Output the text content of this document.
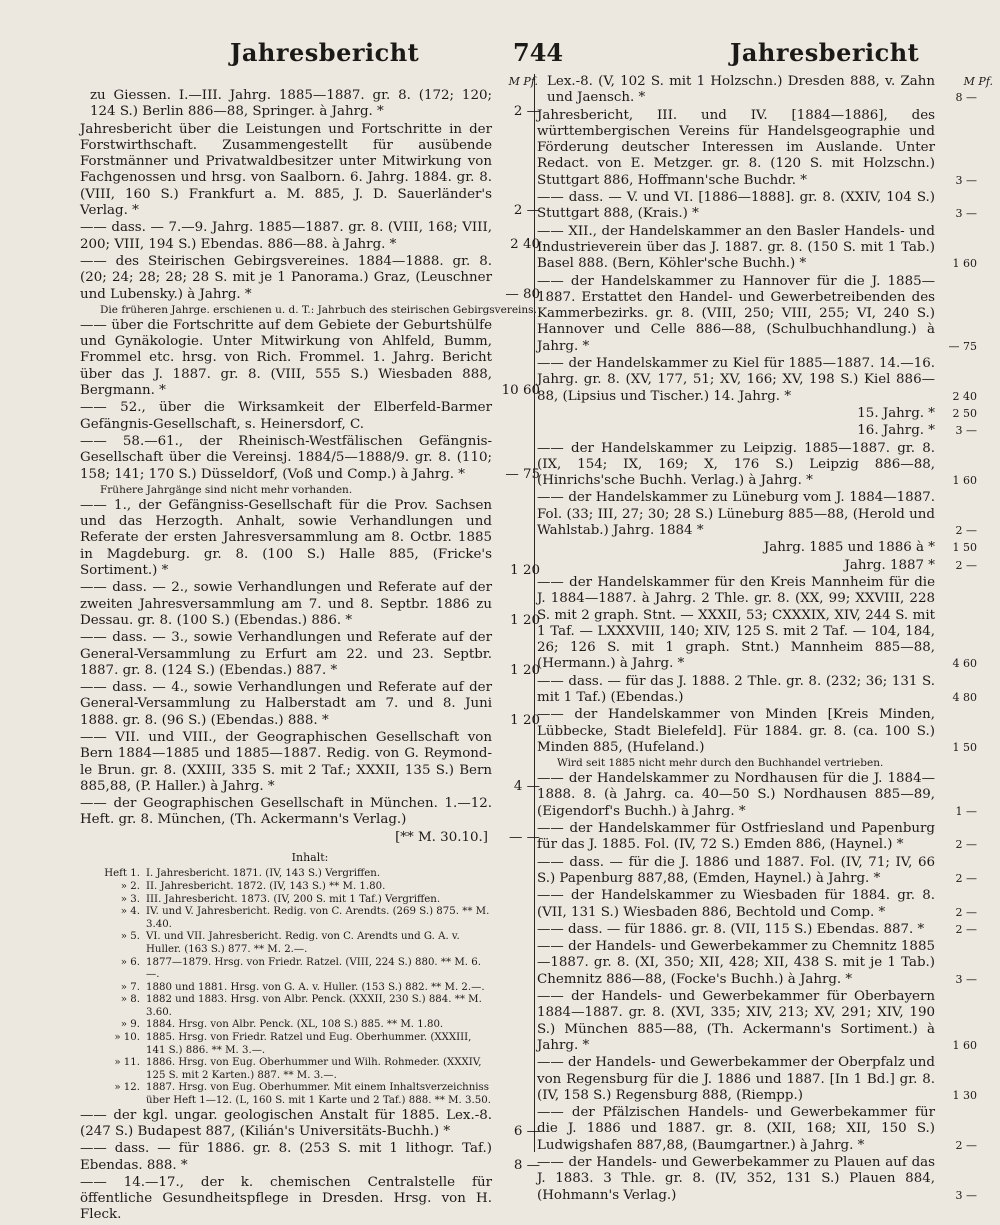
Jahresbericht	744	Jahresbericht
M Pf.
zu Giessen. I.—III. Jahrg. 1885—1887. gr. 8. (172; 120; 124 S.) Berlin 886—88, Springer. à Jahrg. *	2 —
Jahresbericht über die Leistungen und Fortschritte in der Forstwirthschaft. Zusammengestellt für ausübende Forstmänner und Privatwaldbesitzer unter Mitwirkung von Fachgenossen und hrsg. von Saalborn. 6. Jahrg. 1884. gr. 8. (VIII, 160 S.) Frankfurt a. M. 885, J. D. Sauerländer's Verlag. *	2 —
—— dass. — 7.—9. Jahrg. 1885—1887. gr. 8. (VIII, 168; VIII, 200; VIII, 194 S.) Ebendas. 886—88. à Jahrg. *	2 40
—— des Steirischen Gebirgsvereines. 1884—1888. gr. 8. (20; 24; 28; 28; 28 S. mit je 1 Panorama.) Graz, (Leuschner und Lubensky.) à Jahrg. *	— 80
Die früheren Jahrge. erschienen u. d. T.: Jahrbuch des steirischen Gebirgsvereins.
—— über die Fortschritte auf dem Gebiete der Geburtshülfe und Gynäkologie. Unter Mitwirkung von Ahlfeld, Bumm, Frommel etc. hrsg. von Rich. Frommel. 1. Jahrg. Bericht über das J. 1887. gr. 8. (VIII, 555 S.) Wiesbaden 888, Bergmann. *	10 60
—— 52., über die Wirksamkeit der Elberfeld-Barmer Gefängnis-Gesellschaft, s. Heinersdorf, C.
—— 58.—61., der Rheinisch-Westfälischen Gefängnis-Gesellschaft über die Vereinsj. 1884/5—1888/9. gr. 8. (110; 158; 141; 170 S.) Düsseldorf, (Voß und Comp.) à Jahrg. *	— 75
Frühere Jahrgänge sind nicht mehr vorhanden.
—— 1., der Gefängniss-Gesellschaft für die Prov. Sachsen und das Herzogth. Anhalt, sowie Verhandlungen und Referate der ersten Jahresversammlung am 8. Octbr. 1885 in Magdeburg. gr. 8. (100 S.) Halle 885, (Fricke's Sortiment.) *	1 20
—— dass. — 2., sowie Verhandlungen und Referate auf der zweiten Jahresversammlung am 7. und 8. Septbr. 1886 zu Dessau. gr. 8. (100 S.) (Ebendas.) 886. *	1 20
—— dass. — 3., sowie Verhandlungen und Referate auf der General-Versammlung zu Erfurt am 22. und 23. Septbr. 1887. gr. 8. (124 S.) (Ebendas.) 887. *	1 20
—— dass. — 4., sowie Verhandlungen und Referate auf der General-Versammlung zu Halberstadt am 7. und 8. Juni 1888. gr. 8. (96 S.) (Ebendas.) 888. *	1 20
—— VII. und VIII., der Geographischen Gesellschaft von Bern 1884—1885 und 1885—1887. Redig. von G. Reymond-le Brun. gr. 8. (XXIII, 335 S. mit 2 Taf.; XXXII, 135 S.) Bern 885,88, (P. Haller.) à Jahrg. *	4 —
—— der Geographischen Gesellschaft in München. 1.—12. Heft. gr. 8. München, (Th. Ackermann's Verlag.)
[** M. 30.10.]	— —
Inhalt:
Heft 1. I. Jahresbericht. 1871. (IV, 143 S.) Vergriffen.
» 2. II. Jahresbericht. 1872. (IV, 143 S.) ** M. 1.80.
» 3. III. Jahresbericht. 1873. (IV, 200 S. mit 1 Taf.) Vergriffen.
» 4. IV. und V. Jahresbericht. Redig. von C. Arendts. (269 S.) 875. ** M. 3.40.
» 5. VI. und VII. Jahresbericht. Redig. von C. Arendts und G. A. v. Huller. (163 S.) 877. ** M. 2.—.
» 6. 1877—1879. Hrsg. von Friedr. Ratzel. (VIII, 224 S.) 880. ** M. 6.—.
» 7. 1880 und 1881. Hrsg. von G. A. v. Huller. (153 S.) 882. ** M. 2.—.
» 8. 1882 und 1883. Hrsg. von Albr. Penck. (XXXII, 230 S.) 884. ** M. 3.60.
» 9. 1884. Hrsg. von Albr. Penck. (XL, 108 S.) 885. ** M. 1.80.
» 10. 1885. Hrsg. von Friedr. Ratzel und Eug. Oberhummer. (XXXIII, 141 S.) 886. ** M. 3.—.
» 11. 1886. Hrsg. von Eug. Oberhummer und Wilh. Rohmeder. (XXXIV, 125 S. mit 2 Karten.) 887. ** M. 3.—.
» 12. 1887. Hrsg. von Eug. Oberhummer. Mit einem Inhaltsverzeichniss über Heft 1—12. (L, 160 S. mit 1 Karte und 2 Taf.) 888. ** M. 3.50.
—— der kgl. ungar. geologischen Anstalt für 1885. Lex.-8. (247 S.) Budapest 887, (Kilián's Universitäts-Buchh.) *	6 —
—— dass. — für 1886. gr. 8. (253 S. mit 1 lithogr. Taf.) Ebendas. 888. *	8 —
—— 14.—17., der k. chemischen Centralstelle für öffentliche Gesundheitspflege in Dresden. Hrsg. von H. Fleck.
M Pf.
Lex.-8. (V, 102 S. mit 1 Holzschn.) Dresden 888, v. Zahn und Jaensch. *	8 —
Jahresbericht, III. und IV. [1884—1886], des württembergischen Vereins für Handelsgeographie und Förderung deutscher Interessen im Auslande. Unter Redact. von E. Metzger. gr. 8. (120 S. mit Holzschn.) Stuttgart 886, Hoffmann'sche Buchdr. *	3 —
—— dass. — V. und VI. [1886—1888]. gr. 8. (XXIV, 104 S.) Stuttgart 888, (Krais.) *	3 —
—— XII., der Handelskammer an den Basler Handels- und Industrieverein über das J. 1887. gr. 8. (150 S. mit 1 Tab.) Basel 888. (Bern, Köhler'sche Buchh.) *	1 60
—— der Handelskammer zu Hannover für die J. 1885—1887. Erstattet den Handel- und Gewerbetreibenden des Kammerbezirks. gr. 8. (VIII, 250; VIII, 255; VI, 240 S.) Hannover und Celle 886—88, (Schulbuchhandlung.) à Jahrg. *	— 75
—— der Handelskammer zu Kiel für 1885—1887. 14.—16. Jahrg. gr. 8. (XV, 177, 51; XV, 166; XV, 198 S.) Kiel 886—88, (Lipsius und Tischer.) 14. Jahrg. *	2 40
15. Jahrg. *	2 50
16. Jahrg. *	3 —
—— der Handelskammer zu Leipzig. 1885—1887. gr. 8. (IX, 154; IX, 169; X, 176 S.) Leipzig 886—88, (Hinrichs'sche Buchh. Verlag.) à Jahrg. *	1 60
—— der Handelskammer zu Lüneburg vom J. 1884—1887. Fol. (33; III, 27; 30; 28 S.) Lüneburg 885—88, (Herold und Wahlstab.) Jahrg. 1884 *	2 —
Jahrg. 1885 und 1886 à *	1 50
Jahrg. 1887 *	2 —
—— der Handelskammer für den Kreis Mannheim für die J. 1884—1887. à Jahrg. 2 Thle. gr. 8. (XX, 99; XXVIII, 228 S. mit 2 graph. Stnt. — XXXII, 53; CXXXIX, XIV, 244 S. mit 1 Taf. — LXXXVIII, 140; XIV, 125 S. mit 2 Taf. — 104, 184, 26; 126 S. mit 1 graph. Stnt.) Mannheim 885—88, (Hermann.) à Jahrg. *	4 60
—— dass. — für das J. 1888. 2 Thle. gr. 8. (232; 36; 131 S. mit 1 Taf.) (Ebendas.)	4 80
—— der Handelskammer von Minden [Kreis Minden, Lübbecke, Stadt Bielefeld]. Für 1884. gr. 8. (ca. 100 S.) Minden 885, (Hufeland.)	1 50
Wird seit 1885 nicht mehr durch den Buchhandel vertrieben.
—— der Handelskammer zu Nordhausen für die J. 1884—1888. 8. (à Jahrg. ca. 40—50 S.) Nordhausen 885—89, (Eigendorf's Buchh.) à Jahrg. *	1 —
—— der Handelskammer für Ostfriesland und Papenburg für das J. 1885. Fol. (IV, 72 S.) Emden 886, (Haynel.) *	2 —
—— dass. — für die J. 1886 und 1887. Fol. (IV, 71; IV, 66 S.) Papenburg 887,88, (Emden, Haynel.) à Jahrg. *	2 —
—— der Handelskammer zu Wiesbaden für 1884. gr. 8. (VII, 131 S.) Wiesbaden 886, Bechtold und Comp. *	2 —
—— dass. — für 1886. gr. 8. (VII, 115 S.) Ebendas. 887. *	2 —
—— der Handels- und Gewerbekammer zu Chemnitz 1885—1887. gr. 8. (XI, 350; XII, 428; XII, 438 S. mit je 1 Tab.) Chemnitz 886—88, (Focke's Buchh.) à Jahrg. *	3 —
—— der Handels- und Gewerbekammer für Oberbayern 1884—1887. gr. 8. (XVI, 335; XIV, 213; XV, 291; XIV, 190 S.) München 885—88, (Th. Ackermann's Sortiment.) à Jahrg. *	1 60
—— der Handels- und Gewerbekammer der Oberpfalz und von Regensburg für die J. 1886 und 1887. [In 1 Bd.] gr. 8. (IV, 158 S.) Regensburg 888, (Riempp.)	1 30
—— der Pfälzischen Handels- und Gewerbekammer für die J. 1886 und 1887. gr. 8. (XII, 168; XII, 150 S.) Ludwigshafen 887,88, (Baumgartner.) à Jahrg. *	2 —
—— der Handels- und Gewerbekammer zu Plauen auf das J. 1883. 3 Thle. gr. 8. (IV, 352, 131 S.) Plauen 884, (Hohmann's Verlag.)	3 —
